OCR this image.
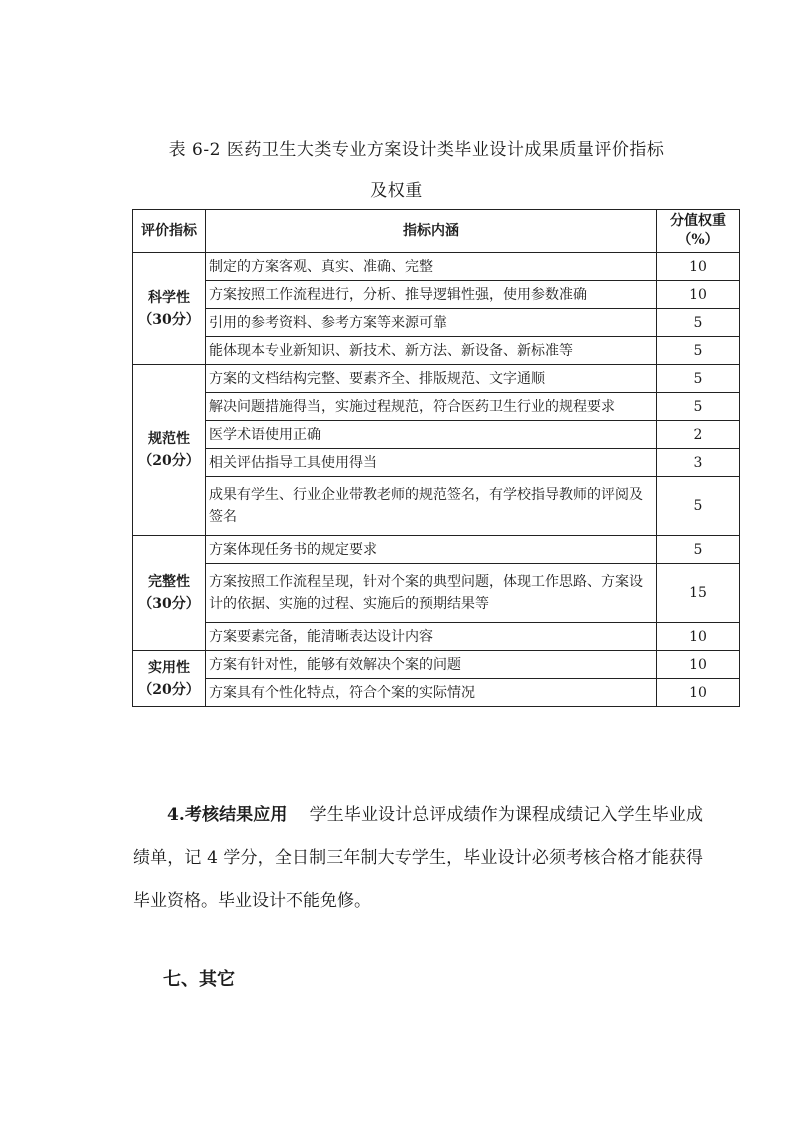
表 6-2 医药卫生大类专业方案设计类毕业设计成果质量评价指标
及权重
评价指标	指标内涵	分值权重
（%）

科学性
（30分）	制定的方案客观、真实、准确、完整	10
	方案按照工作流程进行，分析、推导逻辑性强，使用参数准确	10
	引用的参考资料、参考方案等来源可靠	5
	能体现本专业新知识、新技术、新方法、新设备、新标准等	5

规范性
（20分）	方案的文档结构完整、要素齐全、排版规范、文字通顺	5
	解决问题措施得当，实施过程规范，符合医药卫生行业的规程要求	5
	医学术语使用正确	2
	相关评估指导工具使用得当	3
	成果有学生、行业企业带教老师的规范签名，有学校指导教师的评阅及签名	5

完整性
（30分）	方案体现任务书的规定要求	5
	方案按照工作流程呈现，针对个案的典型问题，体现工作思路、方案设计的依据、实施的过程、实施后的预期结果等	15
	方案要素完备，能清晰表达设计内容	10

实用性
（20分）	方案有针对性，能够有效解决个案的问题	10
	方案具有个性化特点，符合个案的实际情况	10
4.考核结果应用 学生毕业设计总评成绩作为课程成绩记入学生毕业成绩单，记 4 学分，全日制三年制大专学生，毕业设计必须考核合格才能获得毕业资格。毕业设计不能免修。
七、其它
